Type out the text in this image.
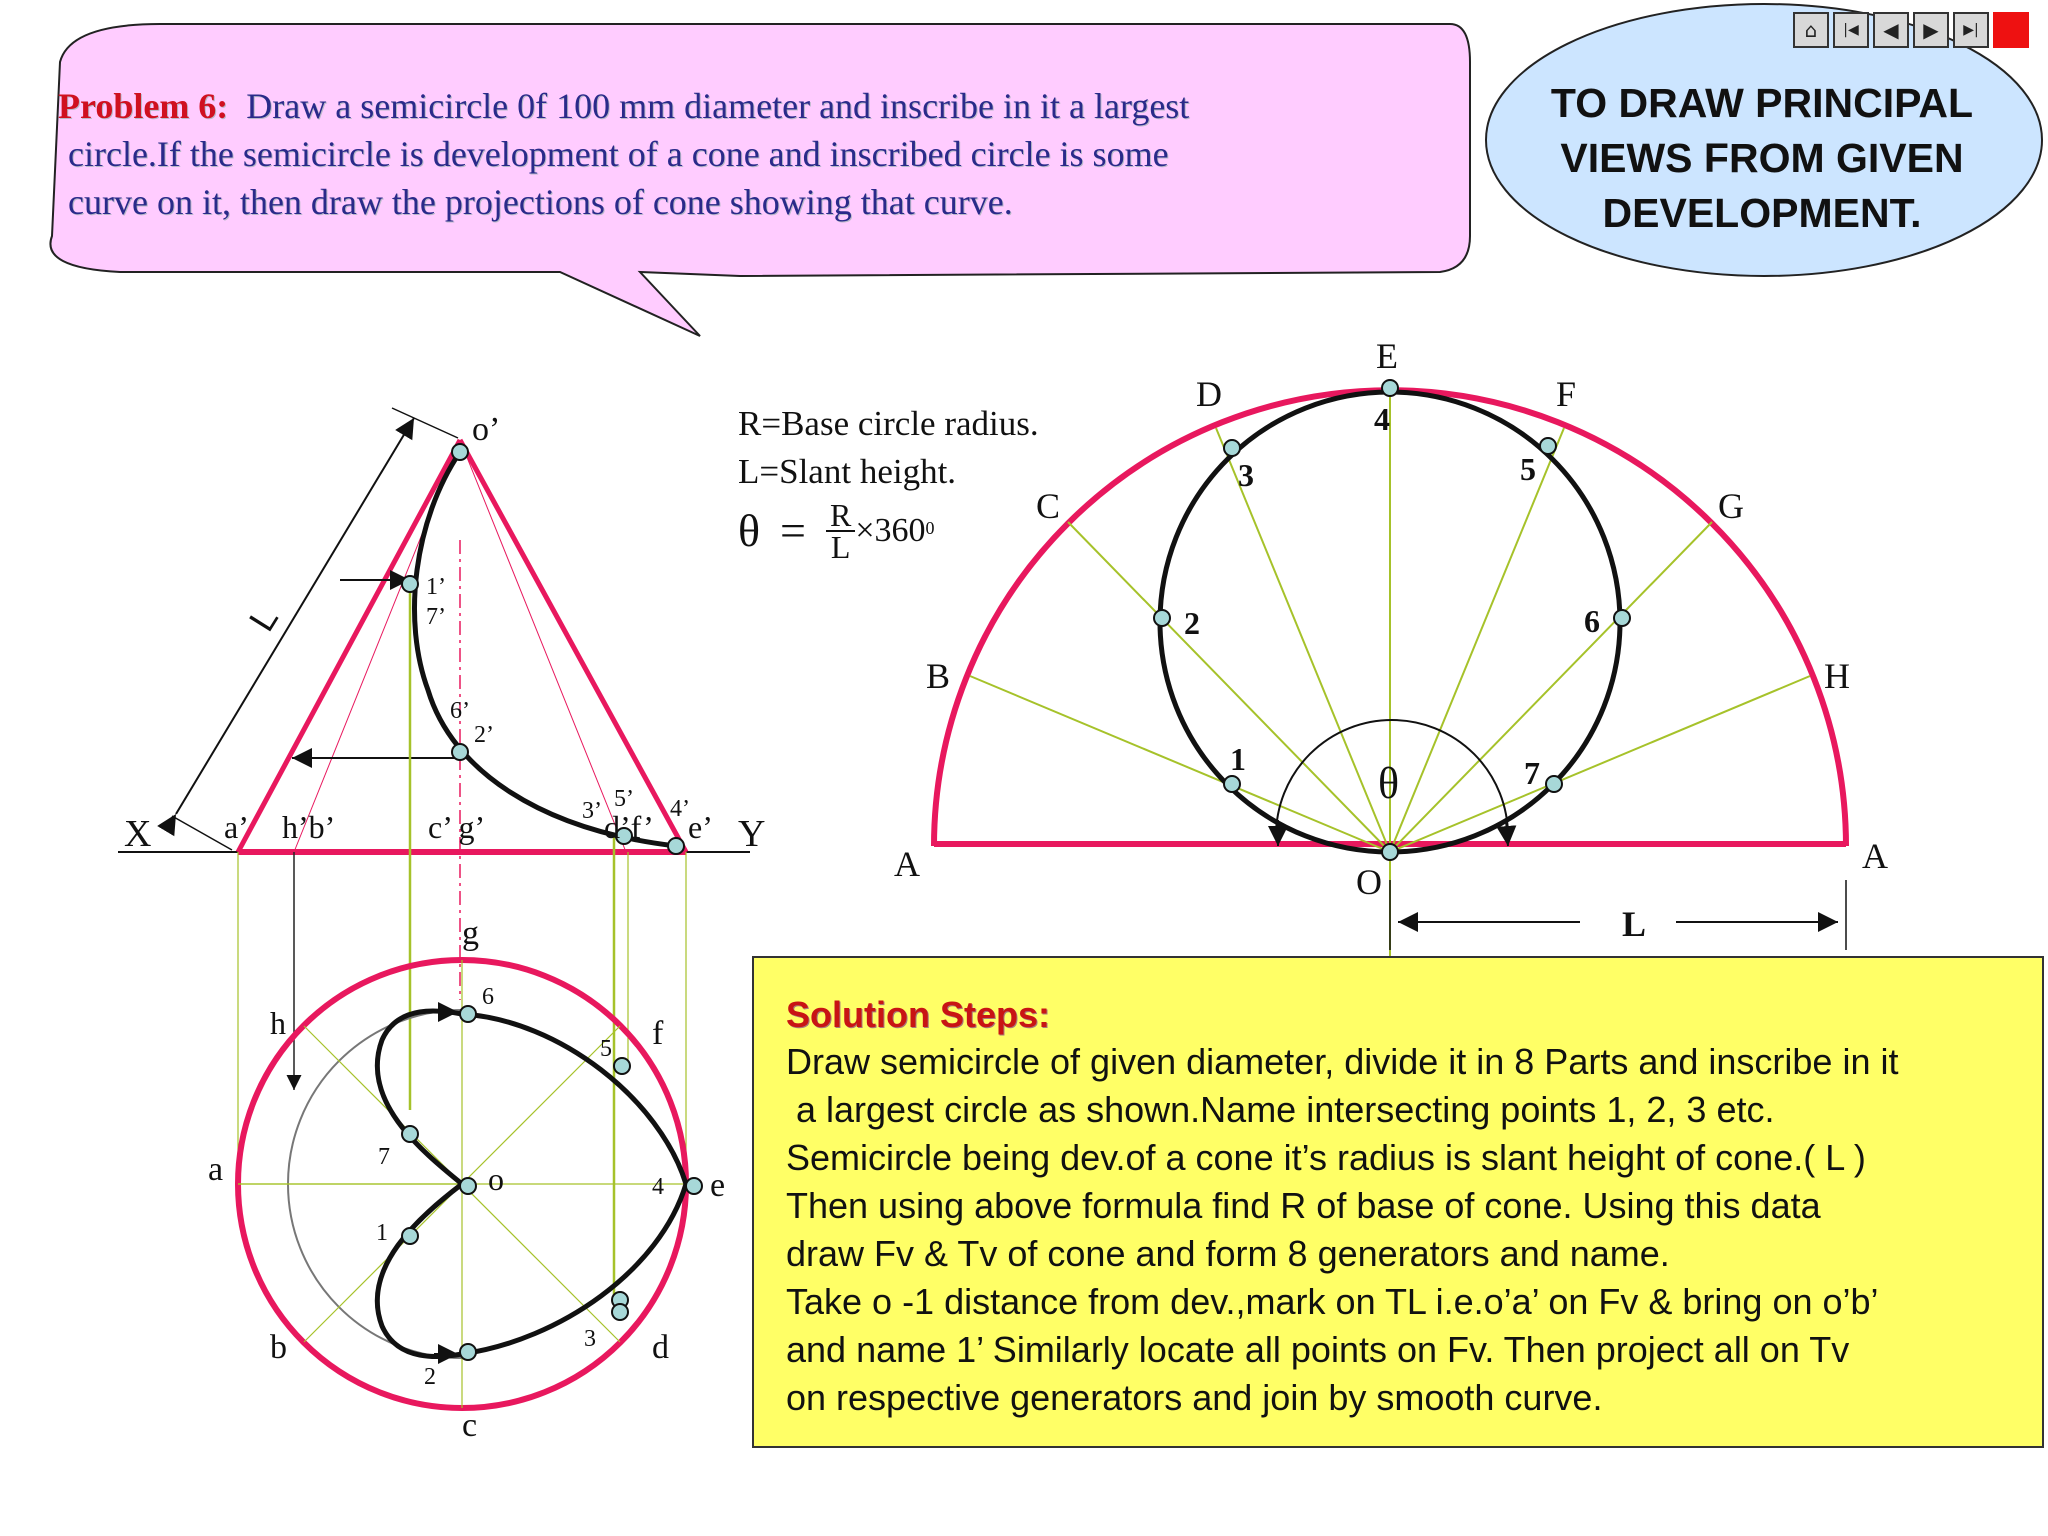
o’
L
X	Y
a’ h’b’	c’ g’	d’f’ e’
1’
7’
6’
2’
3’ 5’ 4’
g
h
a
b
c
d
e
f
o
6
5
7
4
1
3
2
A	A
B
C
D
E
F
G
H
O
1
2
3
4
5
6
7
θ
L
Problem 6: Draw a semicircle 0f 100 mm diameter and inscribe in it a largest
circle.If the semicircle is development of a cone and inscribed circle is some
curve on it, then draw the projections of cone showing that curve.
TO DRAW PRINCIPAL
VIEWS FROM GIVEN
DEVELOPMENT.
R=Base circle radius.
L=Slant height.
$\theta = \frac{R}{L} \times 360$ 0
Solution Steps:
Draw semicircle of given diameter, divide it in 8 Parts and inscribe in it
a largest circle as shown.Name intersecting points 1, 2, 3 etc.
Semicircle being dev.of a cone it’s radius is slant height of cone.( L )
Then using above formula find R of base of cone. Using this data
draw Fv & Tv of cone and form 8 generators and name.
Take o -1 distance from dev.,mark on TL i.e.o’a’ on Fv & bring on o’b’
and name 1’ Similarly locate all points on Fv. Then project all on Tv
on respective generators and join by smooth curve.
⌂ |◀ ◀ ▶ ▶|
